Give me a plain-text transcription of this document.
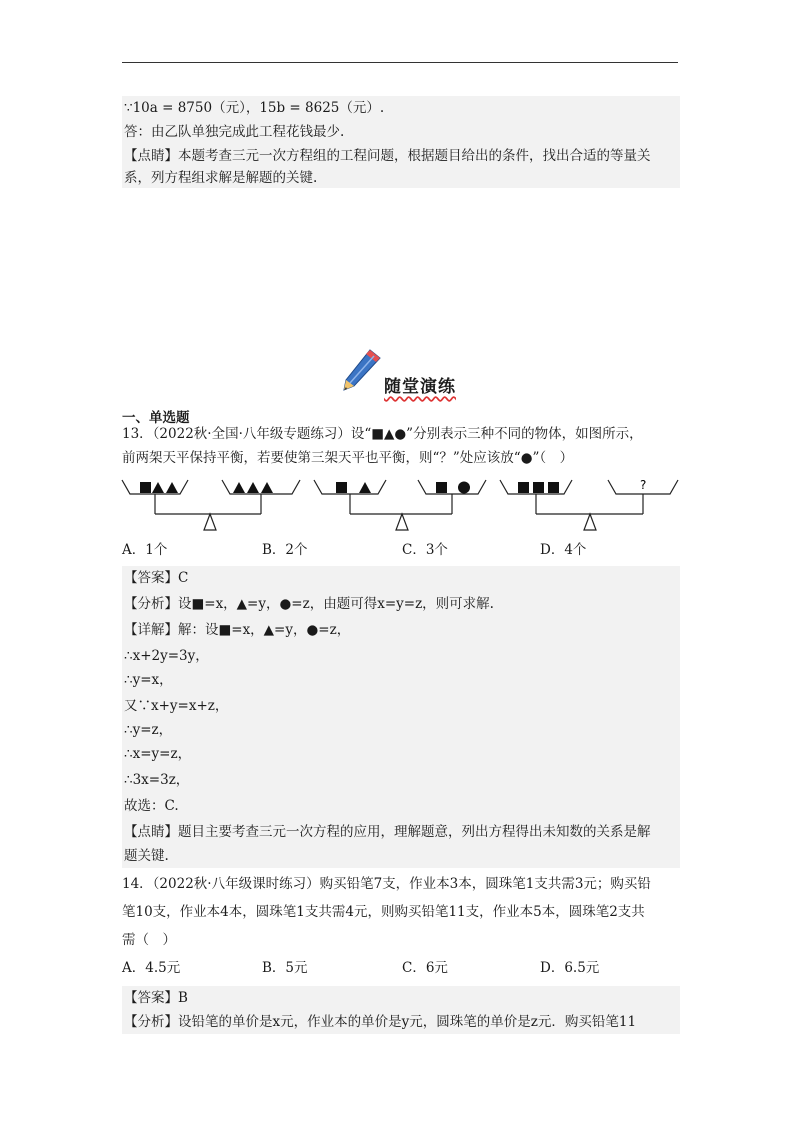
∵10a = 8750（元），15b = 8625（元）.
答：由乙队单独完成此工程花钱最少.
【点睛】本题考查三元一次方程组的工程问题，根据题目给出的条件，找出合适的等量关
系，列方程组求解是解题的关键.
随堂演练
一、单选题
13．（2022秋·全国·八年级专题练习）设“■▲●”分别表示三种不同的物体，如图所示，
前两架天平保持平衡，若要使第三架天平也平衡，则“？”处应该放“●”（　）
?
A．1个	B．2个	C．3个	D．4个
【答案】C
【分析】设■=x，▲=y，●=z，由题可得x=y=z，则可求解.
【详解】解：设■=x，▲=y，●=z，
∴x+2y=3y，
∴y=x，
又∵x+y=x+z，
∴y=z，
∴x=y=z，
∴3x=3z，
故选：C.
【点睛】题目主要考查三元一次方程的应用，理解题意，列出方程得出未知数的关系是解
题关键.
14．（2022秋·八年级课时练习）购买铅笔7支，作业本3本，圆珠笔1支共需3元；购买铅
笔10支，作业本4本，圆珠笔1支共需4元，则购买铅笔11支，作业本5本，圆珠笔2支共
需（　）
A．4.5元	B．5元	C．6元	D．6.5元
【答案】B
【分析】设铅笔的单价是x元，作业本的单价是y元，圆珠笔的单价是z元．购买铅笔11
